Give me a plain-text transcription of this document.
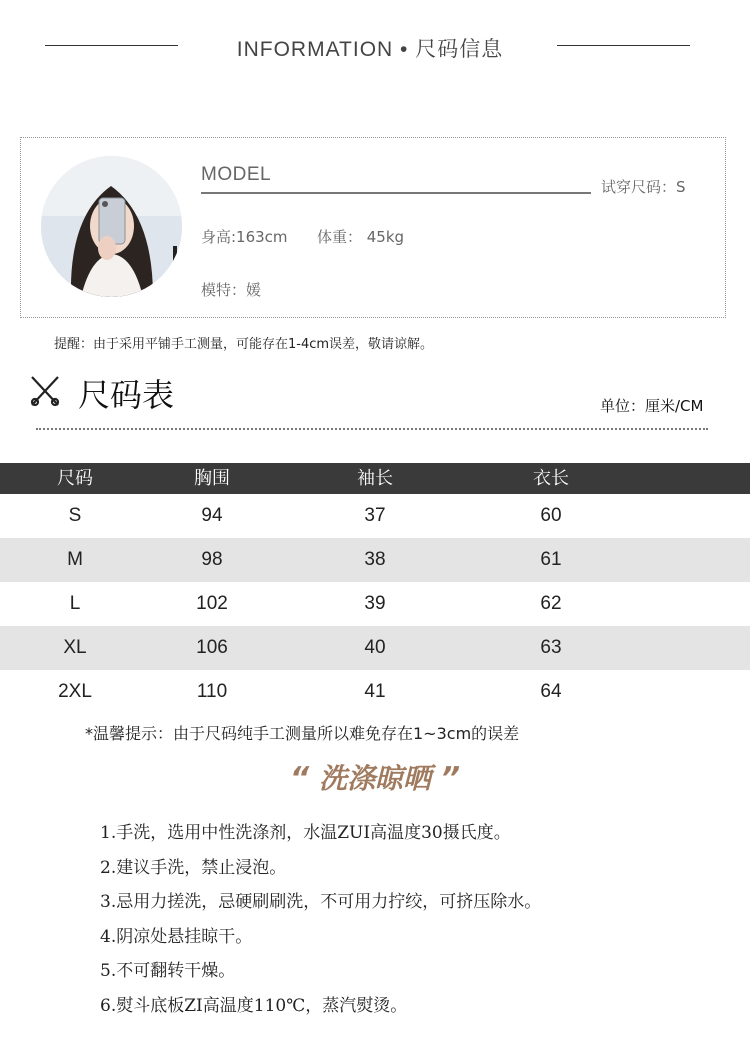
INFORMATION • 尺码信息
MODEL
试穿尺码：S
身高:163cm 体重： 45kg
模特：媛
提醒：由于采用平铺手工测量，可能存在1-4cm误差，敬请谅解。
尺码表	单位：厘米/CM
尺码	胸围	袖长	衣长
S	94	37	60
M	98	38	61
L	102	39	62
XL	106	40	63
2XL	110	41	64
*温馨提示：由于尺码纯手工测量所以难免存在1~3cm的误差
“ 洗涤晾晒 ”
1.手洗，选用中性洗涤剂，水温ZUI高温度30摄氏度。
2.建议手洗，禁止浸泡。
3.忌用力搓洗，忌硬刷刷洗，不可用力拧绞，可挤压除水。
4.阴凉处悬挂晾干。
5.不可翻转干燥。
6.熨斗底板ZI高温度110℃，蒸汽熨烫。
